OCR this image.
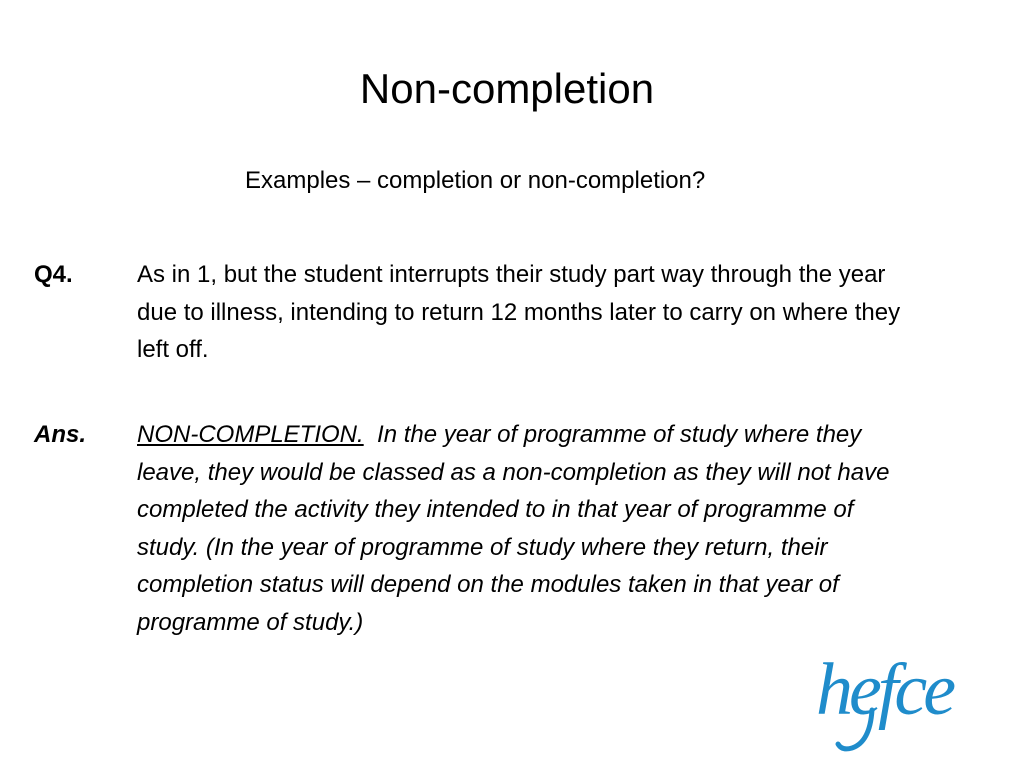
Non-completion

Examples – completion or non-completion?

Q4.	As in 1, but the student interrupts their study part way through the year due to illness, intending to return 12 months later to carry on where they left off.
Ans. NON-COMPLETION. In the year of programme of study where they leave, they would be classed as a non-completion as they will not have completed the activity they intended to in that year of programme of study. (In the year of programme of study where they return, their completion status will depend on the modules taken in that year of programme of study.)
hefce
